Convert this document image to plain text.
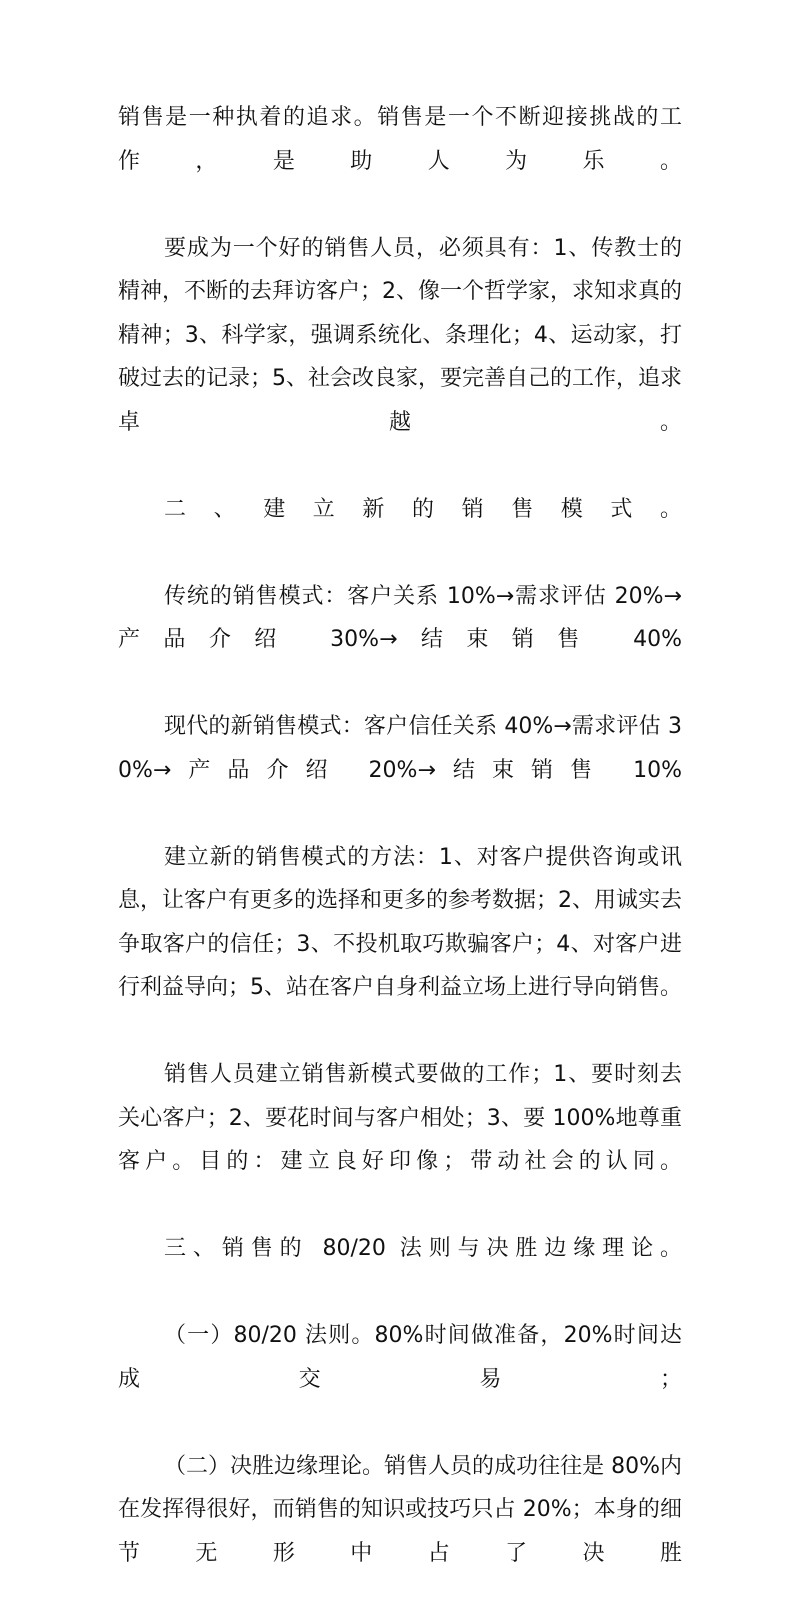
销售是一种执着的追求。销售是一个不断迎接挑战的工作，是助人为乐。

要成为一个好的销售人员，必须具有：1、传教士的精神，不断的去拜访客户；2、像一个哲学家，求知求真的精神；3、科学家，强调系统化、条理化；4、运动家，打破过去的记录；5、社会改良家，要完善自己的工作，追求卓越。

二、建立新的销售模式。

传统的销售模式：客户关系 10%→需求评估 20%→产品介绍 30%→结束销售 40%

现代的新销售模式：客户信任关系 40%→需求评估 30%→产品介绍 20%→结束销售 10%

建立新的销售模式的方法：1、对客户提供咨询或讯息，让客户有更多的选择和更多的参考数据；2、用诚实去争取客户的信任；3、不投机取巧欺骗客户；4、对客户进行利益导向；5、站在客户自身利益立场上进行导向销售。

销售人员建立销售新模式要做的工作；1、要时刻去关心客户；2、要花时间与客户相处；3、要 100%地尊重客户。目的：建立良好印像；带动社会的认同。

三、销售的 80/20 法则与决胜边缘理论。

（一）80/20 法则。80%时间做准备，20%时间达成交易；

（二）决胜边缘理论。销售人员的成功往往是 80%内在发挥得很好，而销售的知识或技巧只占 20%；本身的细节无形中占了决胜
